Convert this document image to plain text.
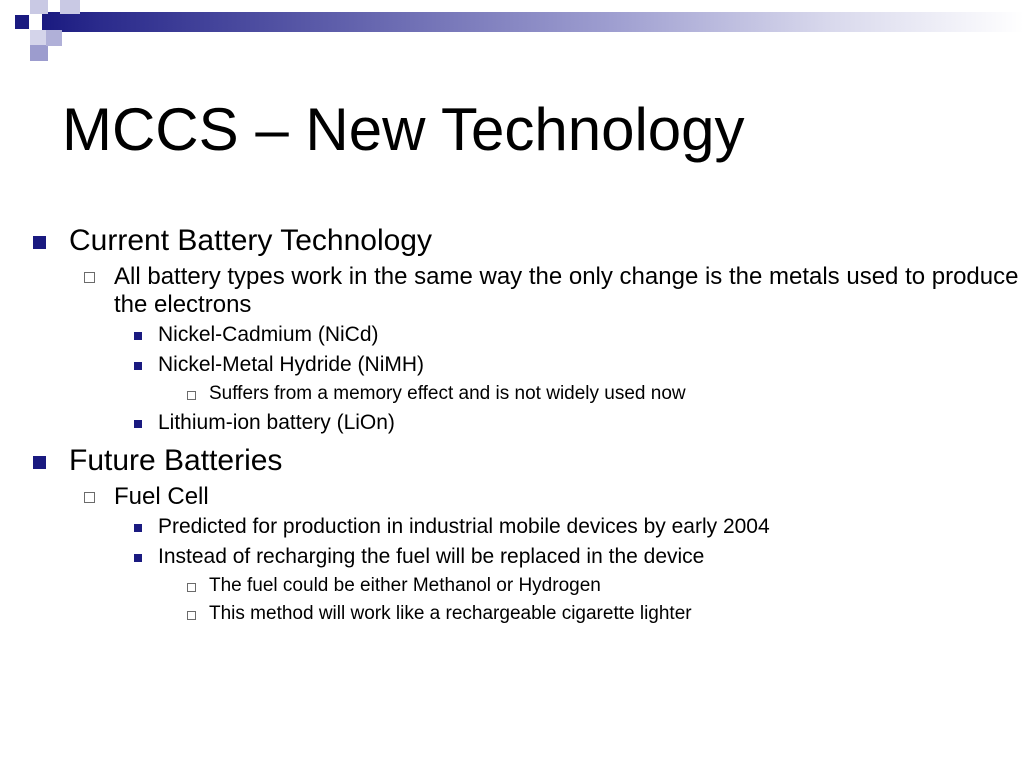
MCCS – New Technology
Current Battery Technology
All battery types work in the same way the only change is the metals used to produce the electrons
Nickel-Cadmium (NiCd)
Nickel-Metal Hydride (NiMH)
Suffers from a memory effect and is not widely used now
Lithium-ion battery (LiOn)
Future Batteries
Fuel Cell
Predicted for production in industrial mobile devices by early 2004
Instead of recharging the fuel will be replaced in the device
The fuel could be either Methanol or Hydrogen
This method will work like a rechargeable cigarette lighter
